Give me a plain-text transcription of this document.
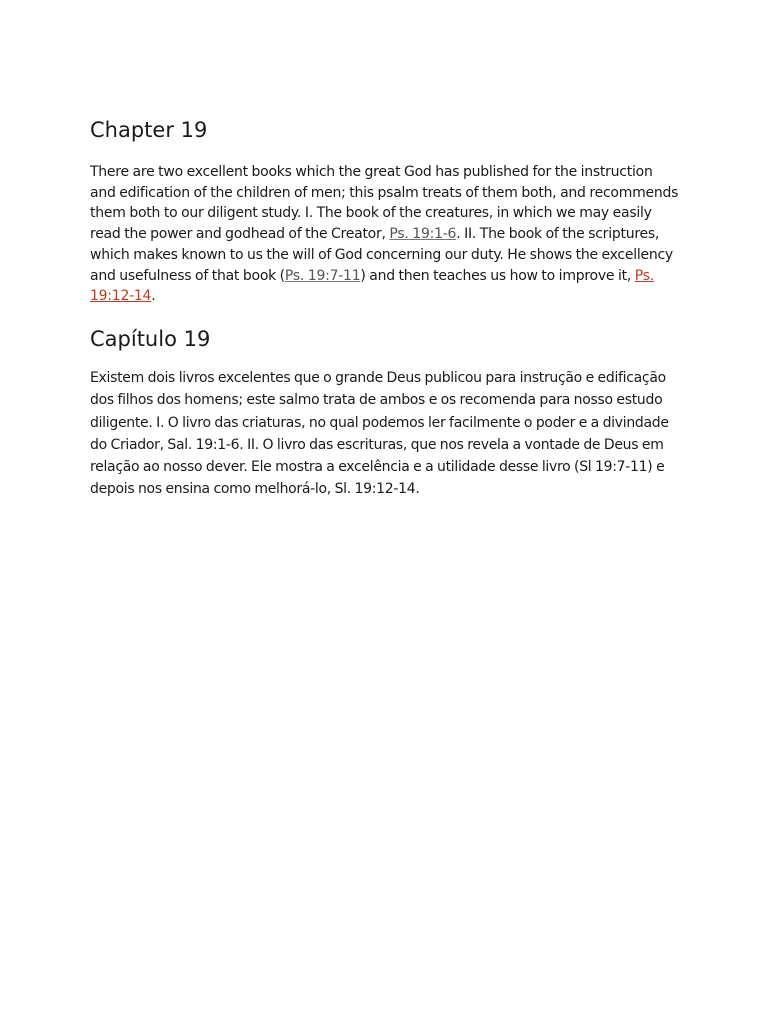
Chapter 19

There are two excellent books which the great God has published for the instruction and edification of the children of men; this psalm treats of them both, and recommends them both to our diligent study. I. The book of the creatures, in which we may easily read the power and godhead of the Creator, Ps. 19:1-6. II. The book of the scriptures, which makes known to us the will of God concerning our duty. He shows the excellency and usefulness of that book (Ps. 19:7-11) and then teaches us how to improve it, Ps. 19:12-14.

Capítulo 19

Existem dois livros excelentes que o grande Deus publicou para instrução e edificação dos filhos dos homens; este salmo trata de ambos e os recomenda para nosso estudo diligente. I. O livro das criaturas, no qual podemos ler facilmente o poder e a divindade do Criador, Sal. 19:1-6. II. O livro das escrituras, que nos revela a vontade de Deus em relação ao nosso dever. Ele mostra a excelência e a utilidade desse livro (Sl 19:7-11) e depois nos ensina como melhorá-lo, Sl. 19:12-14.
